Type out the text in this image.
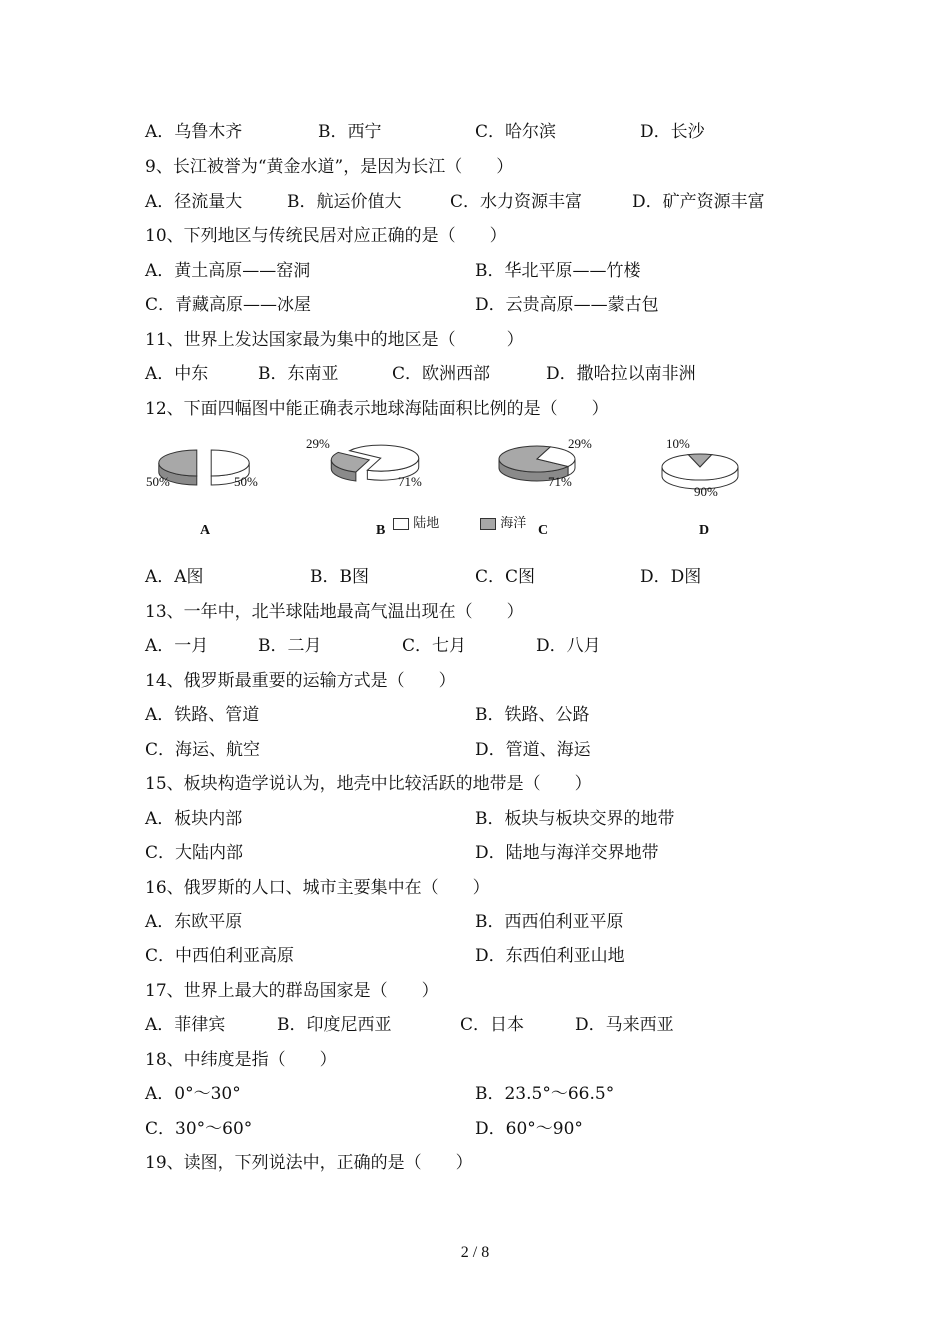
A．乌鲁木齐	B．西宁	C．哈尔滨	D．长沙
9、长江被誉为“黄金水道”，是因为长江（　　）
A．径流量大	B．航运价值大	C．水力资源丰富	D．矿产资源丰富
10、下列地区与传统民居对应正确的是（　　）
A．黄土高原——窑洞	B．华北平原——竹楼
C．青藏高原——冰屋	D．云贵高原——蒙古包
11、世界上发达国家最为集中的地区是（　　　）
A．中东	B．东南亚	C．欧洲西部	D．撒哈拉以南非洲
12、下面四幅图中能正确表示地球海陆面积比例的是（　　）
50%	50%
29%
71%
29%
71%
10%
90%

陆地	海洋

A	B	C	D
A．A图	B．B图	C．C图	D．D图
13、一年中，北半球陆地最高气温出现在（　　）
A．一月	B．二月	C．七月	D．八月
14、俄罗斯最重要的运输方式是（　　）
A．铁路、管道	B．铁路、公路
C．海运、航空	D．管道、海运
15、板块构造学说认为，地壳中比较活跃的地带是（　　）
A．板块内部	B．板块与板块交界的地带
C．大陆内部	D．陆地与海洋交界地带
16、俄罗斯的人口、城市主要集中在（　　）
A．东欧平原	B．西西伯利亚平原
C．中西伯利亚高原	D．东西伯利亚山地
17、世界上最大的群岛国家是（　　）
A．菲律宾	B．印度尼西亚	C．日本	D．马来西亚
18、中纬度是指（　　）
A．0°～30°	B．23.5°～66.5°
C．30°～60°	D．60°～90°
19、读图，下列说法中，正确的是（　　）
2 / 8
